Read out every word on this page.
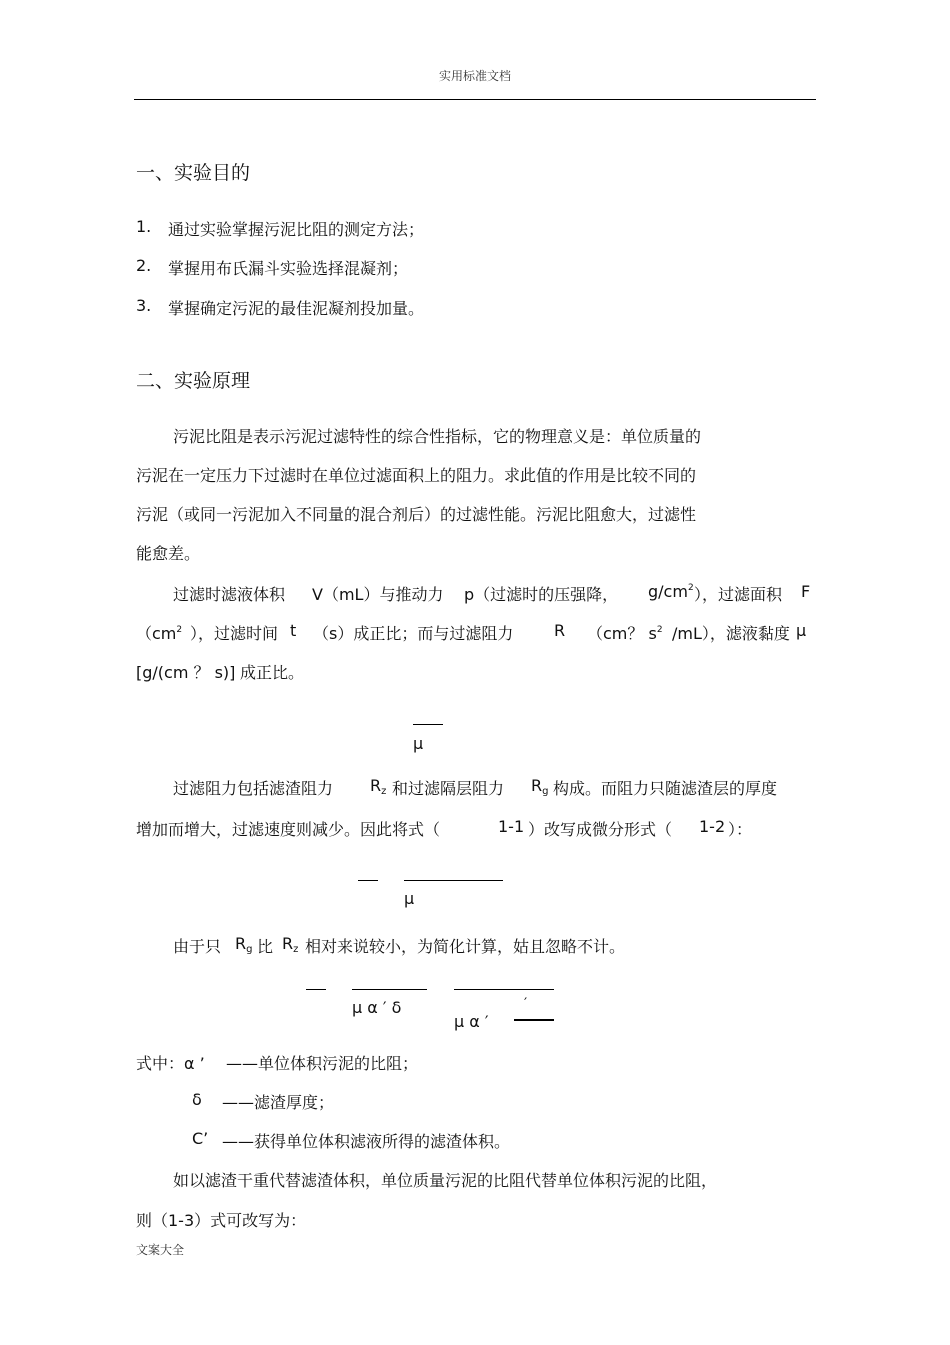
实用标准文档
一、实验目的
1. 通过实验掌握污泥比阻的测定方法；
2. 掌握用布氏漏斗实验选择混凝剂；
3. 掌握确定污泥的最佳泥凝剂投加量。
二、实验原理
污泥比阻是表示污泥过滤特性的综合性指标，它的物理意义是：单位质量的
污泥在一定压力下过滤时在单位过滤面积上的阻力。求此值的作用是比较不同的
污泥（或同一污泥加入不同量的混合剂后）的过滤性能。污泥比阻愈大，过滤性
能愈差。
过滤时滤液体积 V（mL）与推动力 p（过滤时的压强降， $g/cm^2$ ），过滤面积 F
（$cm^2$ ），过滤时间 t （s）成正比；而与过滤阻力	R （cm？ $s^2$ /mL），滤液黏度 μ
[g/(cm ？ s)] 成正比。
μ
过滤阻力包括滤渣阻力 Rz 和过滤隔层阻力 Rg 构成。而阻力只随滤渣层的厚度
增加而增大，过滤速度则减少。因此将式（	1-1 ）改写成微分形式（ 1-2 ）：
μ
由于只 Rg 比 Rz 相对来说较小，为简化计算，姑且忽略不计。
μ α ′ δ
μ α ′
′
式中：α ’ ——单位体积污泥的比阻；
δ ——滤渣厚度；
C’ ——获得单位体积滤液所得的滤渣体积。
如以滤渣干重代替滤渣体积，单位质量污泥的比阻代替单位体积污泥的比阻，
则（1-3）式可改写为：
文案大全
